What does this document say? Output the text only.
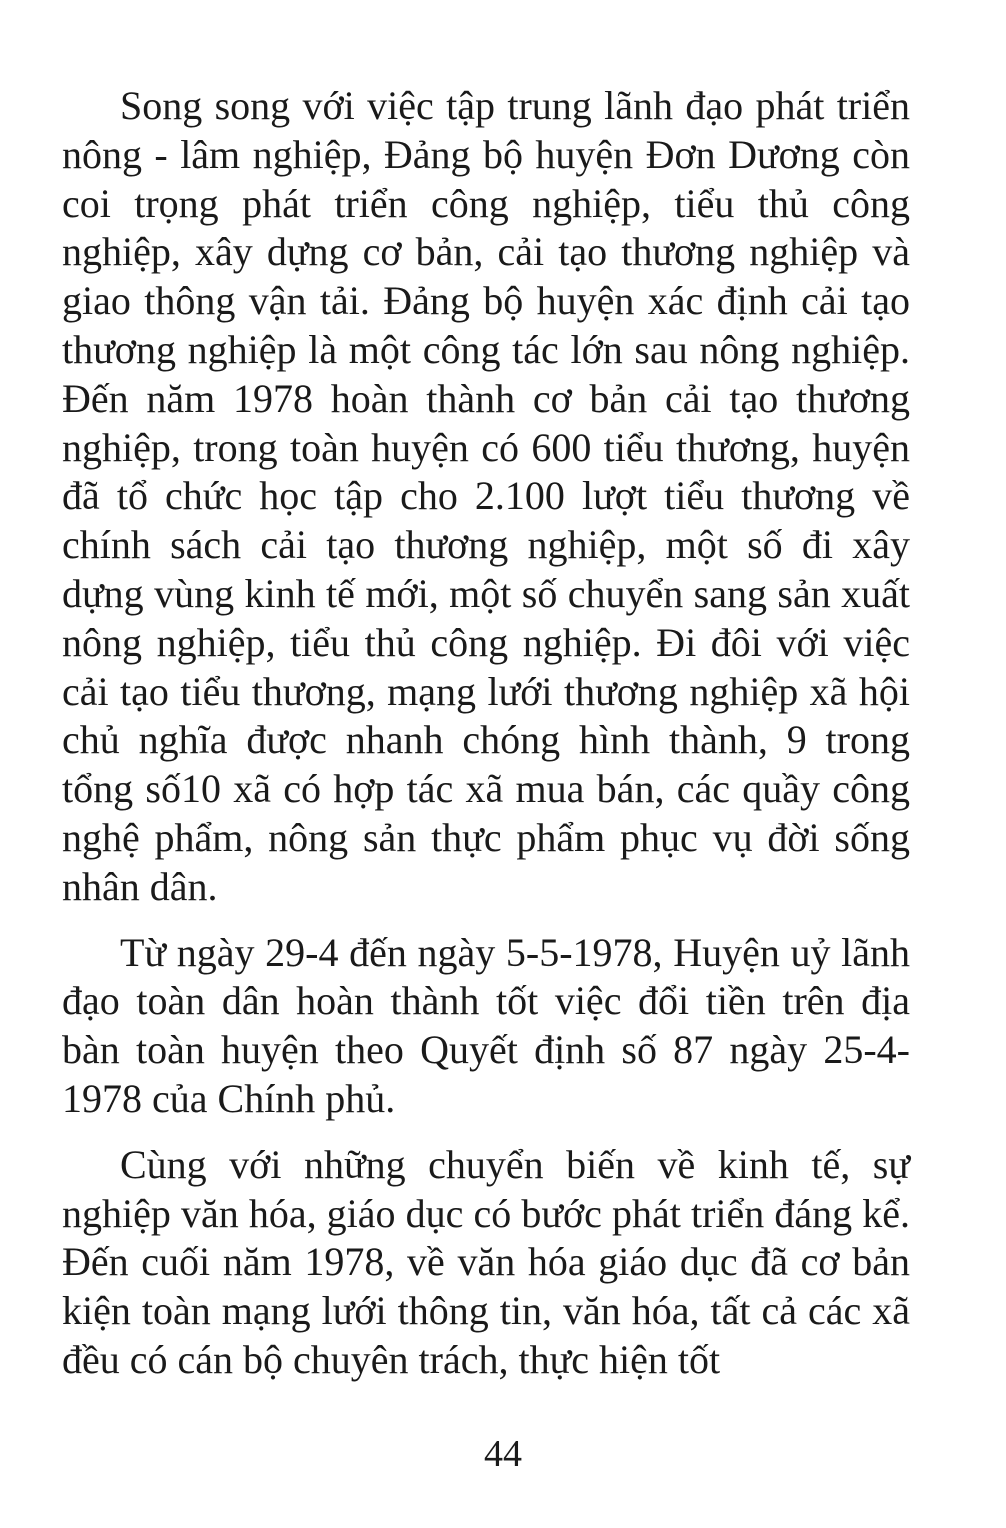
Song song với việc tập trung lãnh đạo phát triển nông - lâm nghiệp, Đảng bộ huyện Đơn Dương còn coi trọng phát triển công nghiệp, tiểu thủ công nghiệp, xây dựng cơ bản, cải tạo thương nghiệp và giao thông vận tải. Đảng bộ huyện xác định cải tạo thương nghiệp là một công tác lớn sau nông nghiệp. Đến năm 1978 hoàn thành cơ bản cải tạo thương nghiệp, trong toàn huyện có 600 tiểu thương, huyện đã tổ chức học tập cho 2.100 lượt tiểu thương về chính sách cải tạo thương nghiệp, một số đi xây dựng vùng kinh tế mới, một số chuyển sang sản xuất nông nghiệp, tiểu thủ công nghiệp. Đi đôi với việc cải tạo tiểu thương, mạng lưới thương nghiệp xã hội chủ nghĩa được nhanh chóng hình thành, 9 trong tổng số10 xã có hợp tác xã mua bán, các quầy công nghệ phẩm, nông sản thực phẩm phục vụ đời sống nhân dân.

Từ ngày 29-4 đến ngày 5-5-1978, Huyện uỷ lãnh đạo toàn dân hoàn thành tốt việc đổi tiền trên địa bàn toàn huyện theo Quyết định số 87 ngày 25-4-1978 của Chính phủ.

Cùng với những chuyển biến về kinh tế, sự nghiệp văn hóa, giáo dục có bước phát triển đáng kể. Đến cuối năm 1978, về văn hóa giáo dục đã cơ bản kiện toàn mạng lưới thông tin, văn hóa, tất cả các xã đều có cán bộ chuyên trách, thực hiện tốt

44
